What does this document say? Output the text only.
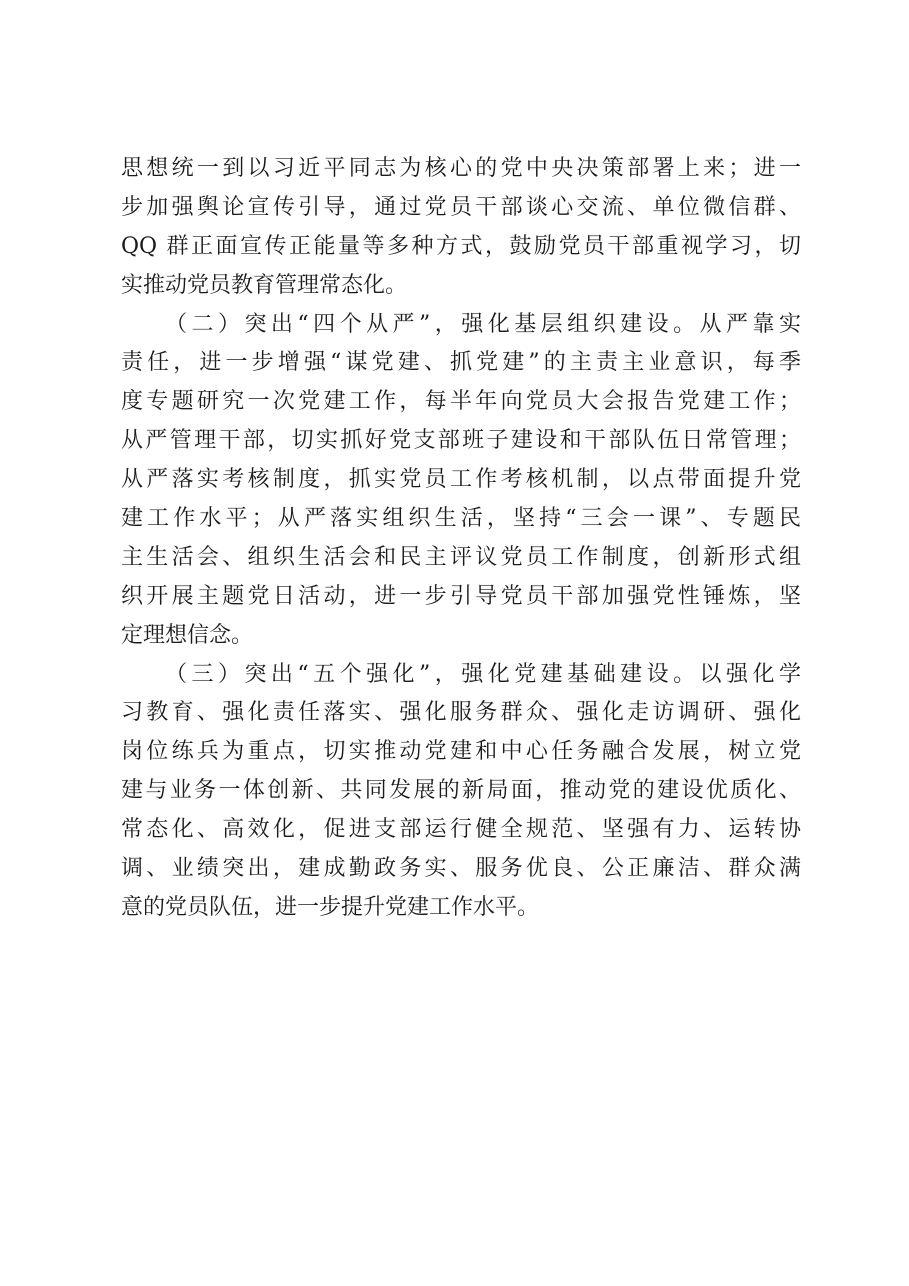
思想统一到以习近平同志为核心的党中央决策部署上来；进一
步加强舆论宣传引导，通过党员干部谈心交流、单位微信群、
QQ 群正面宣传正能量等多种方式，鼓励党员干部重视学习，切
实推动党员教育管理常态化。
（二）突出“四个从严”，强化基层组织建设。从严靠实
责任，进一步增强“谋党建、抓党建”的主责主业意识，每季
度专题研究一次党建工作，每半年向党员大会报告党建工作；
从严管理干部，切实抓好党支部班子建设和干部队伍日常管理；
从严落实考核制度，抓实党员工作考核机制，以点带面提升党
建工作水平；从严落实组织生活，坚持“三会一课”、专题民
主生活会、组织生活会和民主评议党员工作制度，创新形式组
织开展主题党日活动，进一步引导党员干部加强党性锤炼，坚
定理想信念。
（三）突出“五个强化”，强化党建基础建设。以强化学
习教育、强化责任落实、强化服务群众、强化走访调研、强化
岗位练兵为重点，切实推动党建和中心任务融合发展，树立党
建与业务一体创新、共同发展的新局面，推动党的建设优质化、
常态化、高效化，促进支部运行健全规范、坚强有力、运转协
调、业绩突出，建成勤政务实、服务优良、公正廉洁、群众满
意的党员队伍，进一步提升党建工作水平。
